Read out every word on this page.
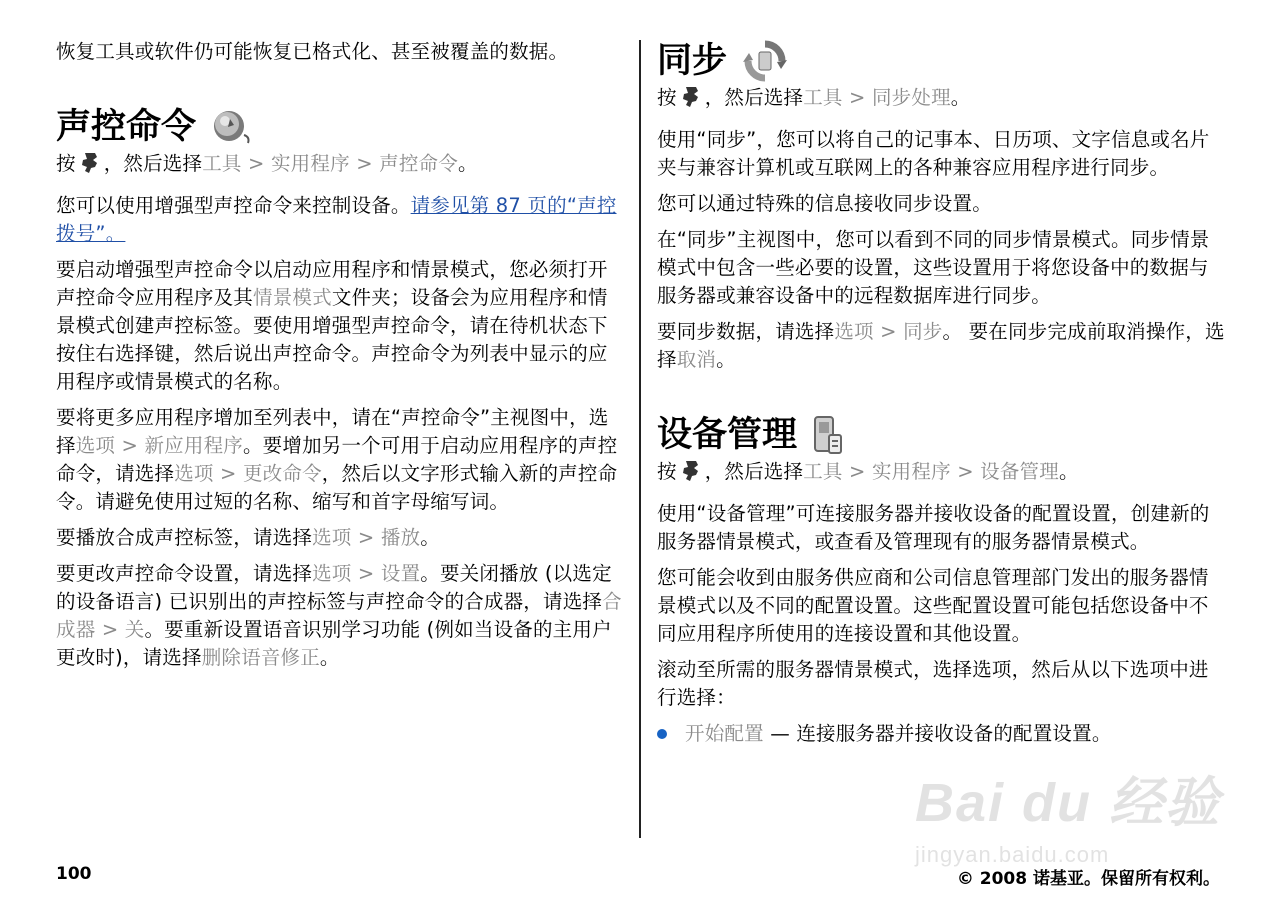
恢复工具或软件仍可能恢复已格式化、甚至被覆盖的数据。

声控命令

按 ，然后选择工具 > 实用程序 > 声控命令。

您可以使用增强型声控命令来控制设备。请参见第 87 页的“声控拨号”。

要启动增强型声控命令以启动应用程序和情景模式，您必须打开声控命令应用程序及其情景模式文件夹；设备会为应用程序和情景模式创建声控标签。要使用增强型声控命令，请在待机状态下按住右选择键，然后说出声控命令。声控命令为列表中显示的应用程序或情景模式的名称。

要将更多应用程序增加至列表中，请在“声控命令”主视图中，选择选项 > 新应用程序。要增加另一个可用于启动应用程序的声控命令，请选择选项 > 更改命令，然后以文字形式输入新的声控命令。请避免使用过短的名称、缩写和首字母缩写词。

要播放合成声控标签，请选择选项 > 播放。

要更改声控命令设置，请选择选项 > 设置。要关闭播放 (以选定的设备语言) 已识别出的声控标签与声控命令的合成器，请选择合成器 > 关。要重新设置语音识别学习功能 (例如当设备的主用户更改时)，请选择删除语音修正。

同步

按 ，然后选择工具 > 同步处理。

使用“同步”，您可以将自己的记事本、日历项、文字信息或名片夹与兼容计算机或互联网上的各种兼容应用程序进行同步。

您可以通过特殊的信息接收同步设置。

在“同步”主视图中，您可以看到不同的同步情景模式。同步情景模式中包含一些必要的设置，这些设置用于将您设备中的数据与服务器或兼容设备中的远程数据库进行同步。

要同步数据，请选择选项 > 同步。 要在同步完成前取消操作，选择取消。

设备管理

按 ，然后选择工具 > 实用程序 > 设备管理。

使用“设备管理”可连接服务器并接收设备的配置设置，创建新的服务器情景模式，或查看及管理现有的服务器情景模式。

您可能会收到由服务供应商和公司信息管理部门发出的服务器情景模式以及不同的配置设置。这些配置设置可能包括您设备中不同应用程序所使用的连接设置和其他设置。

滚动至所需的服务器情景模式，选择选项，然后从以下选项中进行选择：

开始配置 — 连接服务器并接收设备的配置设置。

Bai du 经验
jingyan.baidu.com
100	© 2008 诺基亚。保留所有权利。
